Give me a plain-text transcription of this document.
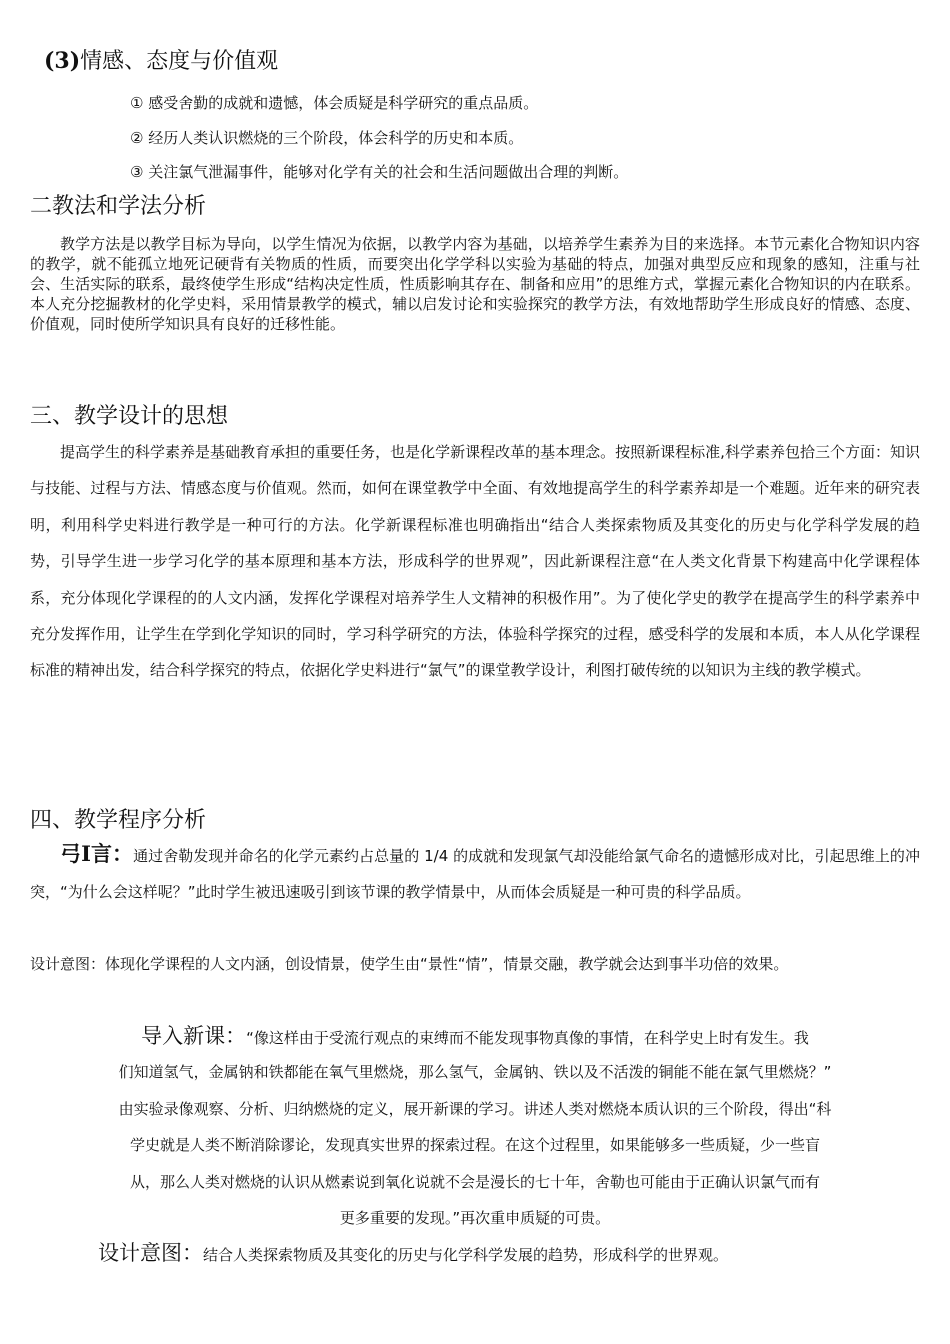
(3)情感、态度与价值观
① 感受舍勤的成就和遗憾，体会质疑是科学研究的重点品质。
② 经历人类认识燃烧的三个阶段，体会科学的历史和本质。
③ 关注氯气泄漏事件，能够对化学有关的社会和生活问题做出合理的判断。
二教法和学法分析
教学方法是以教学目标为导向，以学生情况为依据，以教学内容为基础，以培养学生素养为目的来选择。本节元素化合物知识内容的教学，就不能孤立地死记硬背有关物质的性质，而要突出化学学科以实验为基础的特点，加强对典型反应和现象的感知，注重与社会、生活实际的联系，最终使学生形成“结构决定性质，性质影响其存在、制备和应用”的思维方式，掌握元素化合物知识的内在联系。本人充分挖掘教材的化学史料，采用情景教学的模式，辅以启发讨论和实验探究的教学方法，有效地帮助学生形成良好的情感、态度、价值观，同时使所学知识具有良好的迁移性能。
三、教学设计的思想
提高学生的科学素养是基础教育承担的重要任务，也是化学新课程改革的基本理念。按照新课程标准,科学素养包拾三个方面：知识与技能、过程与方法、情感态度与价值观。然而，如何在课堂教学中全面、有效地提高学生的科学素养却是一个难题。近年来的研究表明，利用科学史料进行教学是一种可行的方法。化学新课程标准也明确指出“结合人类探索物质及其变化的历史与化学科学发展的趋势，引导学生进一步学习化学的基本原理和基本方法，形成科学的世界观”，因此新课程注意“在人类文化背景下构建高中化学课程体系，充分体现化学课程的的人文内涵，发挥化学课程对培养学生人文精神的积极作用”。为了使化学史的教学在提高学生的科学素养中充分发挥作用，让学生在学到化学知识的同时，学习科学研究的方法，体验科学探究的过程，感受科学的发展和本质，本人从化学课程标准的精神出发，结合科学探究的特点，依据化学史料进行“氯气”的课堂教学设计，利图打破传统的以知识为主线的教学模式。
四、教学程序分析
弓I言：通过舍勒发现并命名的化学元素约占总量的 1/4 的成就和发现氯气却没能给氯气命名的遗憾形成对比，引起思维上的冲突，“为什么会这样呢？”此时学生被迅速吸引到该节课的教学情景中，从而体会质疑是一种可贵的科学品质。
设计意图：体现化学课程的人文内涵，创设情景，使学生由“景性“情”，情景交融，教学就会达到事半功倍的效果。
导入新课：“像这样由于受流行观点的束缚而不能发现事物真像的事情，在科学史上时有发生。我
们知道氢气，金属钠和铁都能在氧气里燃烧，那么氢气，金属钠、铁以及不活泼的铜能不能在氯气里燃烧？”
由实验录像观察、分析、归纳燃烧的定义，展开新课的学习。讲述人类对燃烧本质认识的三个阶段，得出“科
学史就是人类不断消除谬论，发现真实世界的探索过程。在这个过程里，如果能够多一些质疑，少一些盲
从，那么人类对燃烧的认识从燃素说到氧化说就不会是漫长的七十年，舍勒也可能由于正确认识氯气而有
更多重要的发现。”再次重申质疑的可贵。
设计意图：结合人类探索物质及其变化的历史与化学科学发展的趋势，形成科学的世界观。
